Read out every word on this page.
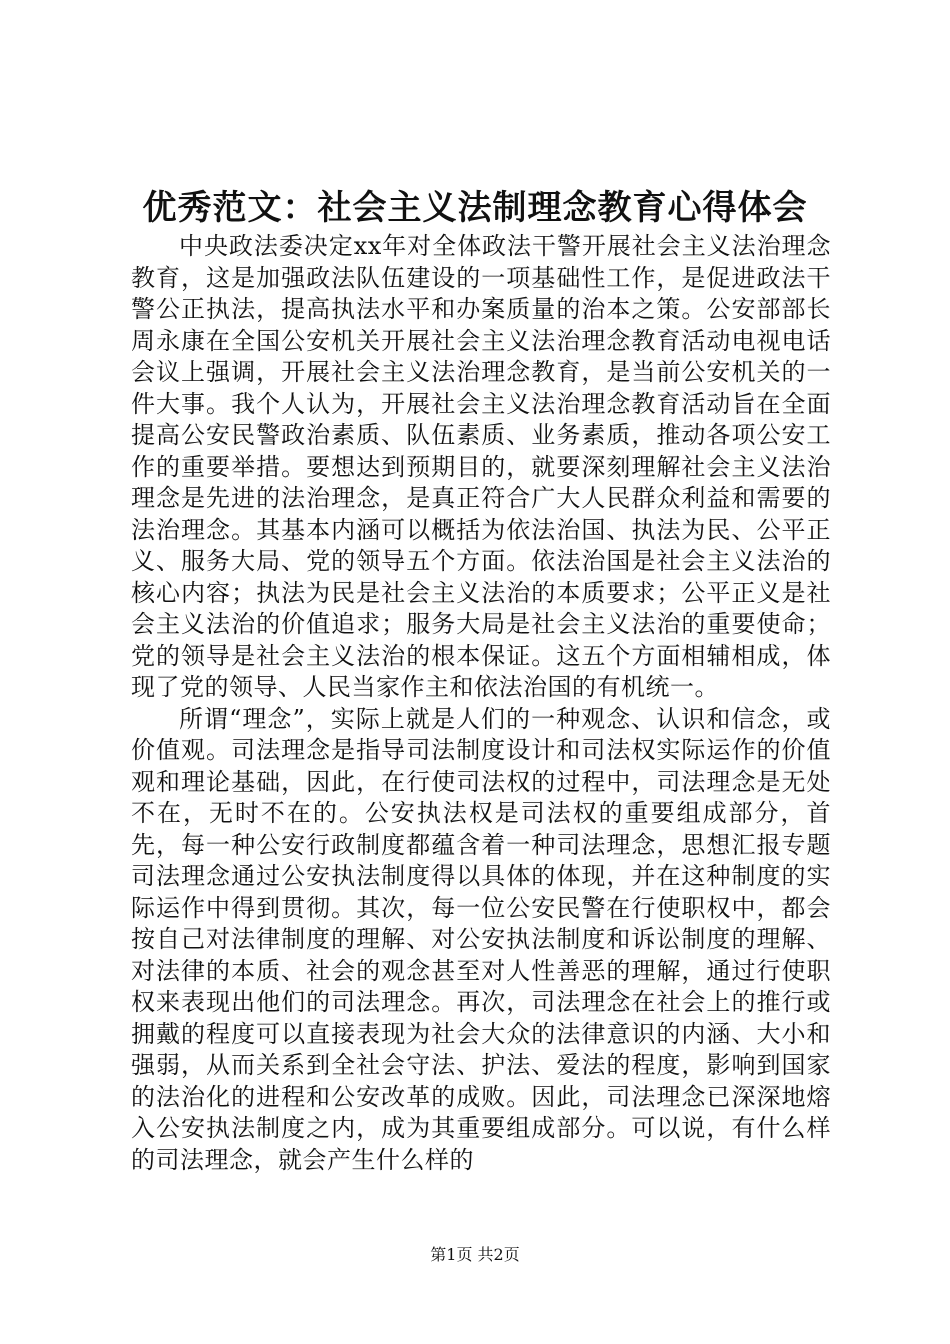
优秀范文：社会主义法制理念教育心得体会

中央政法委决定xx年对全体政法干警开展社会主义法治理念教育，这是加强政法队伍建设的一项基础性工作，是促进政法干警公正执法，提高执法水平和办案质量的治本之策。公安部部长周永康在全国公安机关开展社会主义法治理念教育活动电视电话会议上强调，开展社会主义法治理念教育，是当前公安机关的一件大事。我个人认为，开展社会主义法治理念教育活动旨在全面提高公安民警政治素质、队伍素质、业务素质，推动各项公安工作的重要举措。要想达到预期目的，就要深刻理解社会主义法治理念是先进的法治理念，是真正符合广大人民群众利益和需要的法治理念。其基本内涵可以概括为依法治国、执法为民、公平正义、服务大局、党的领导五个方面。依法治国是社会主义法治的核心内容；执法为民是社会主义法治的本质要求；公平正义是社会主义法治的价值追求；服务大局是社会主义法治的重要使命；党的领导是社会主义法治的根本保证。这五个方面相辅相成，体现了党的领导、人民当家作主和依法治国的有机统一。

所谓“理念”，实际上就是人们的一种观念、认识和信念，或价值观。司法理念是指导司法制度设计和司法权实际运作的价值观和理论基础，因此，在行使司法权的过程中，司法理念是无处不在，无时不在的。公安执法权是司法权的重要组成部分，首先，每一种公安行政制度都蕴含着一种司法理念，思想汇报专题司法理念通过公安执法制度得以具体的体现，并在这种制度的实际运作中得到贯彻。其次，每一位公安民警在行使职权中，都会按自己对法律制度的理解、对公安执法制度和诉讼制度的理解、对法律的本质、社会的观念甚至对人性善恶的理解，通过行使职权来表现出他们的司法理念。再次，司法理念在社会上的推行或拥戴的程度可以直接表现为社会大众的法律意识的内涵、大小和强弱，从而关系到全社会守法、护法、爱法的程度，影响到国家的法治化的进程和公安改革的成败。因此，司法理念已深深地熔入公安执法制度之内，成为其重要组成部分。可以说，有什么样的司法理念，就会产生什么样的

第1页 共2页
